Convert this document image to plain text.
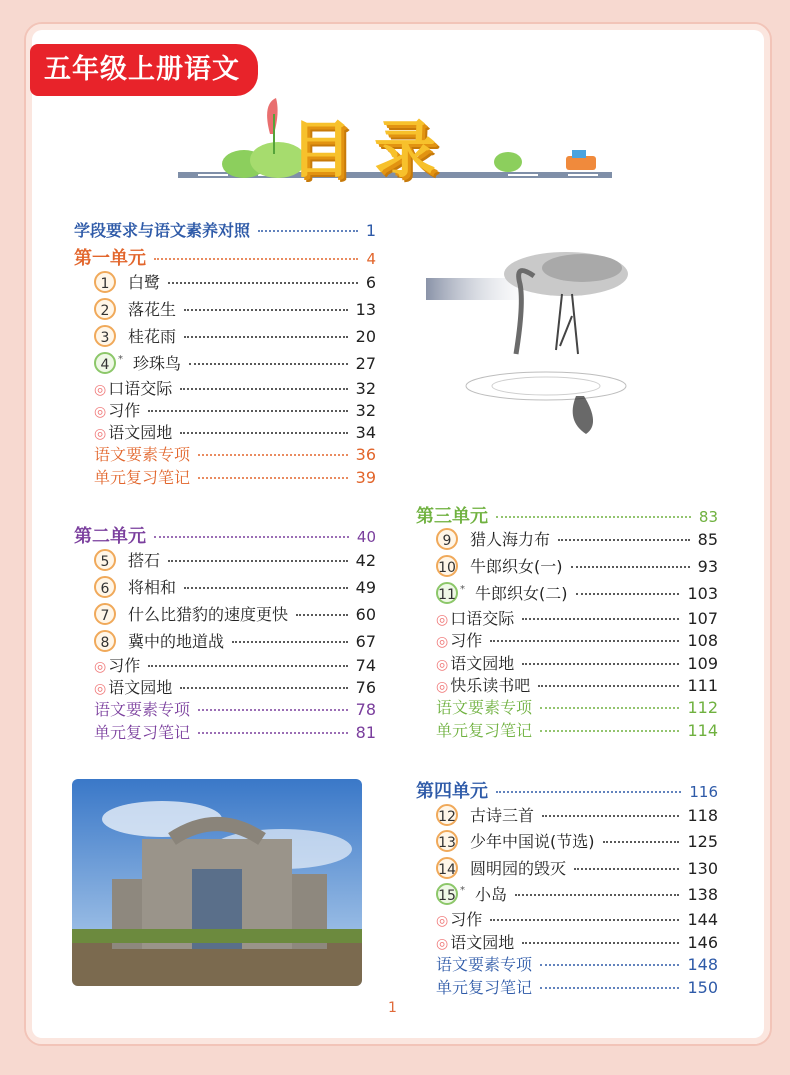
五年级上册语文
目录
学段要求与语文素养对照	1
第一单元	4
1	白鹭	6
2	落花生	13
3	桂花雨	20
4 * 珍珠鸟	27
◎ 口语交际	32
◎ 习作	32
◎ 语文园地	34
语文要素专项	36
单元复习笔记	39
第二单元	40
5	搭石	42
6	将相和	49
7	什么比猎豹的速度更快	60
8	冀中的地道战	67
◎ 习作	74
◎ 语文园地	76
语文要素专项	78
单元复习笔记	81
第三单元	83
9	猎人海力布	85
10 牛郎织女(一)	93
11 * 牛郎织女(二)	103
◎ 口语交际	107
◎ 习作	108
◎ 语文园地	109
◎ 快乐读书吧	111
语文要素专项	112
单元复习笔记	114
第四单元	116
12 古诗三首	118
13 少年中国说(节选)	125
14 圆明园的毁灭	130
15 * 小岛	138
◎ 习作	144
◎ 语文园地	146
语文要素专项	148
单元复习笔记	150
1
